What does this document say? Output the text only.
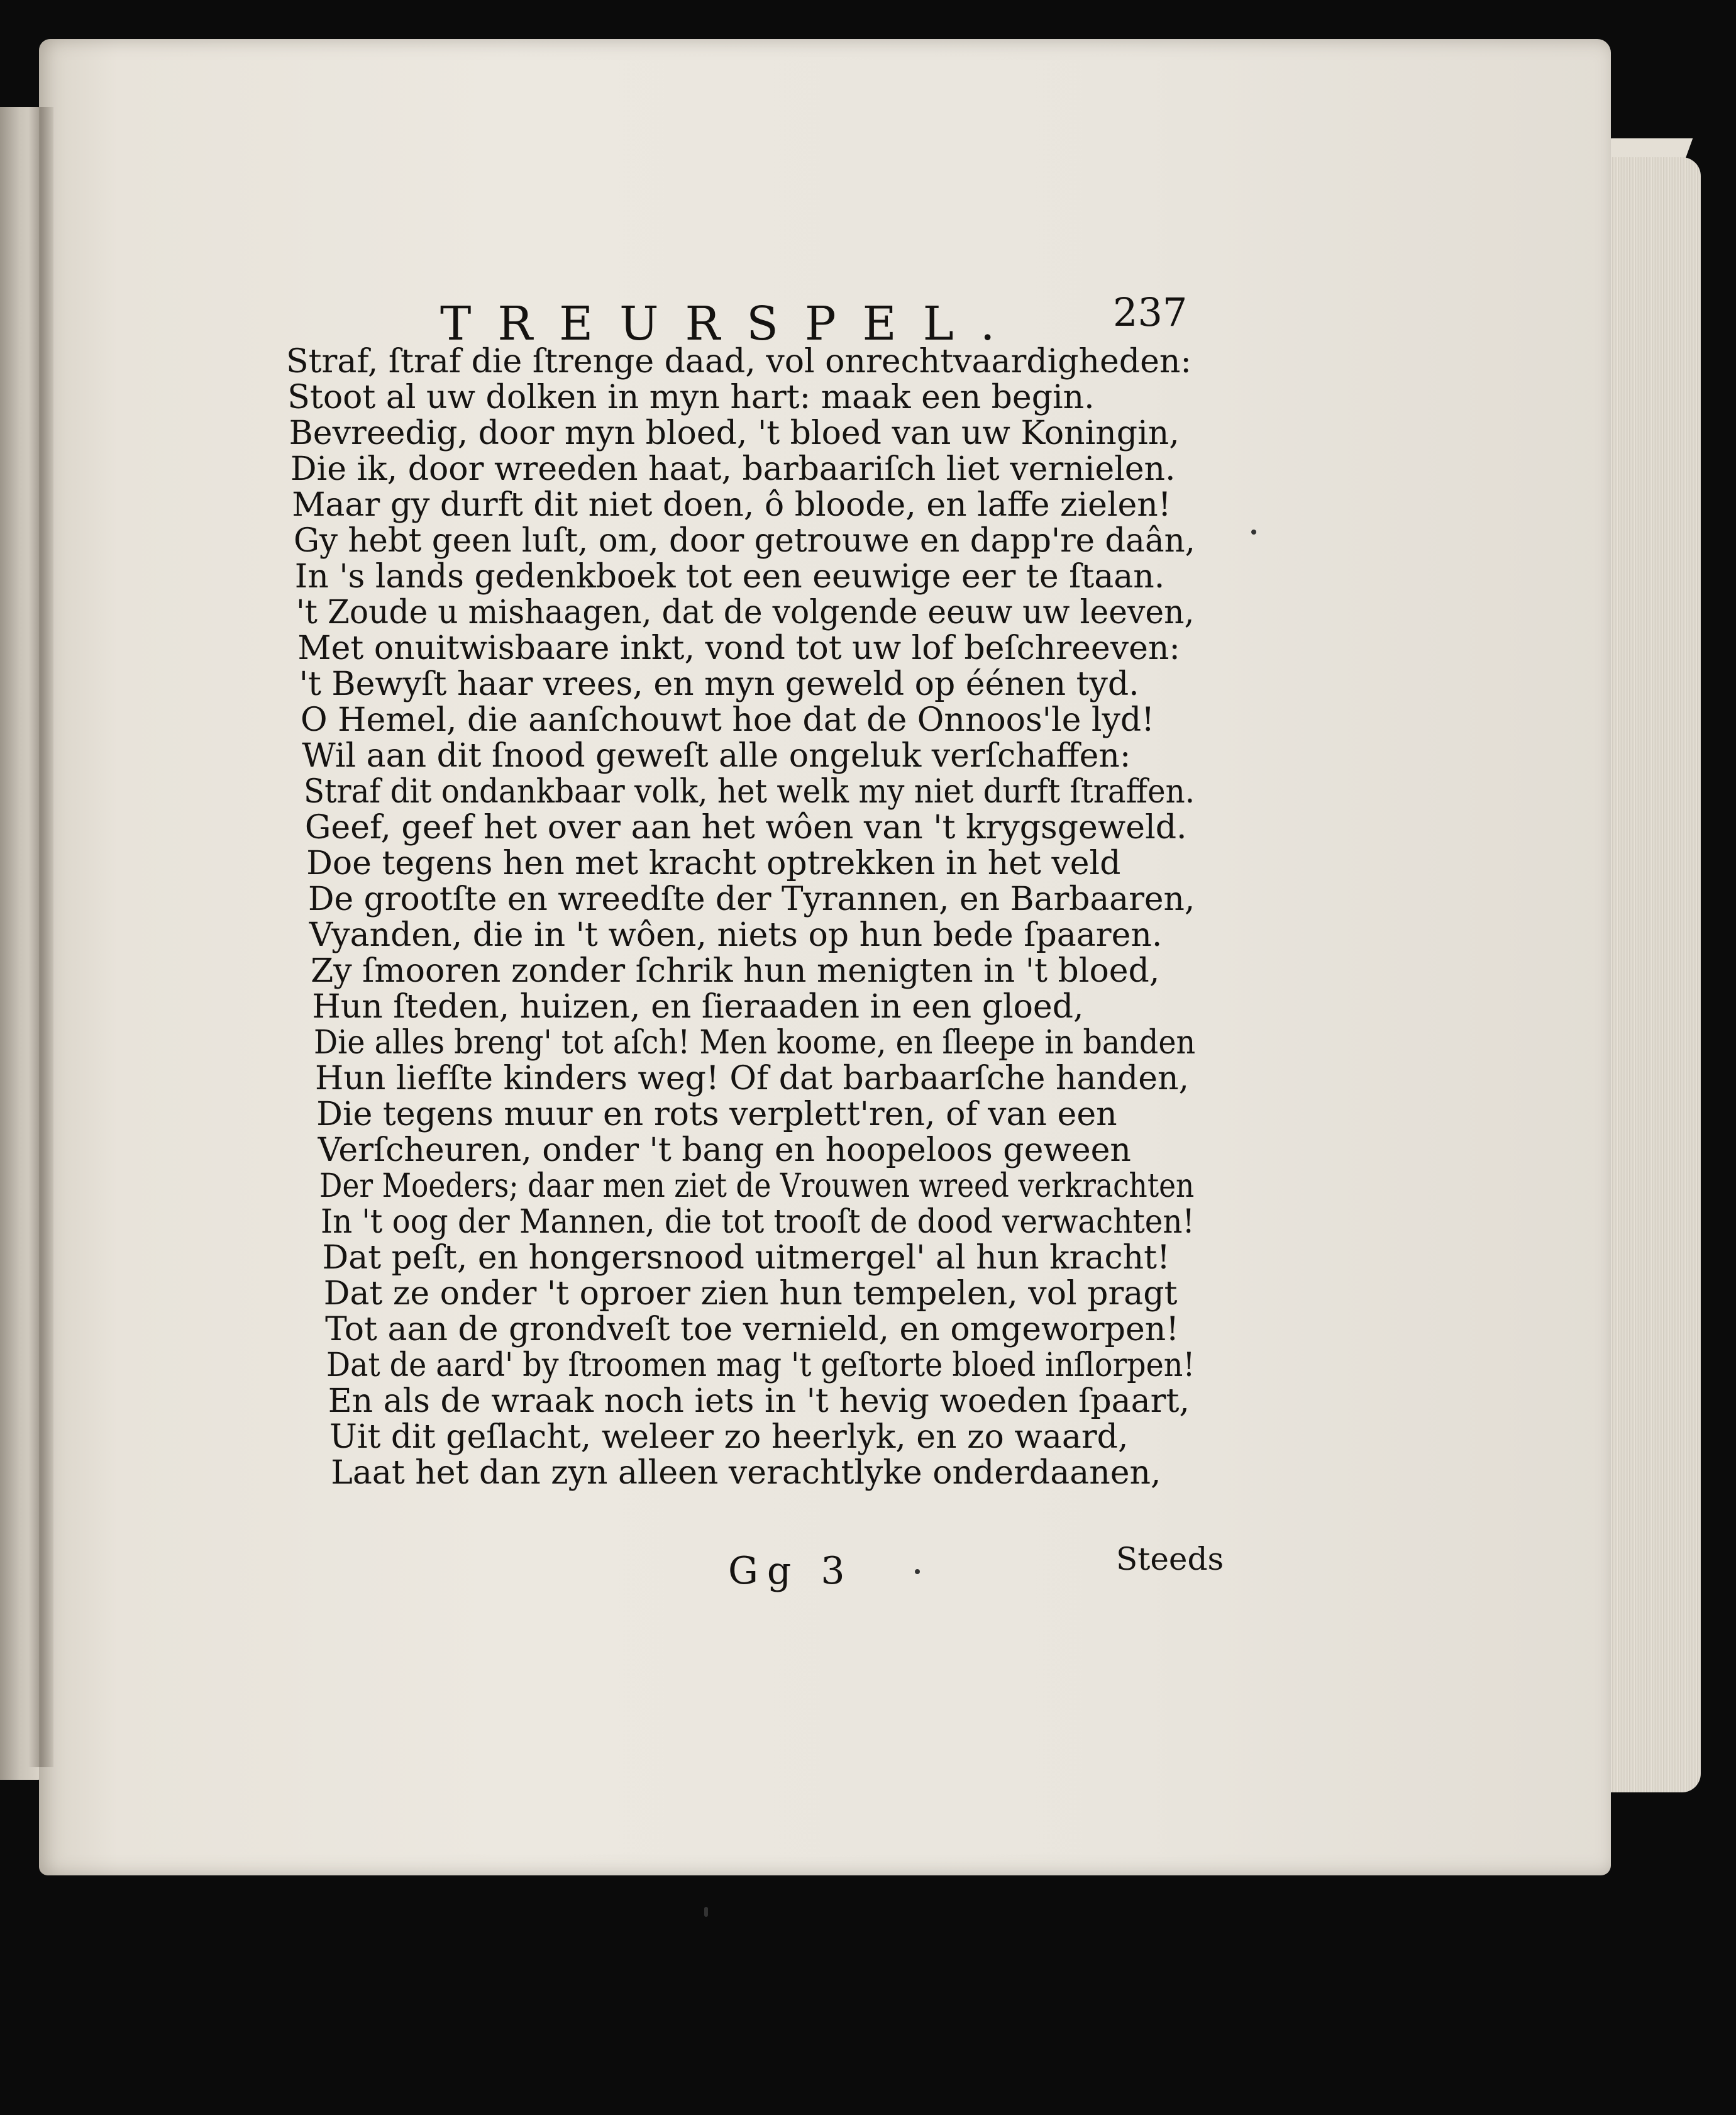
TREURSPEL. 237
Straf, ſtraf die ſtrenge daad, vol onrechtvaardigheden:
Stoot al uw dolken in myn hart: maak een begin.
Bevreedig, door myn bloed, 't bloed van uw Koningin,
Die ik, door wreeden haat, barbaariſch liet vernielen.
Maar gy durft dit niet doen, ô bloode, en laffe zielen!
Gy hebt geen luſt, om, door getrouwe en dapp're daân,
In 's lands gedenkboek tot een eeuwige eer te ſtaan.
't Zoude u mishaagen, dat de volgende eeuw uw leeven,
Met onuitwisbaare inkt, vond tot uw lof beſchreeven:
't Bewyſt haar vrees, en myn geweld op éénen tyd.
O Hemel, die aanſchouwt hoe dat de Onnoos'le lyd!
Wil aan dit ſnood geweſt alle ongeluk verſchaffen:
Straf dit ondankbaar volk, het welk my niet durft ſtraffen.
Geef, geef het over aan het wôen van 't krygsgeweld.
Doe tegens hen met kracht optrekken in het veld
De grootſte en wreedſte der Tyrannen, en Barbaaren,
Vyanden, die in 't wôen, niets op hun bede ſpaaren.
Zy ſmooren zonder ſchrik hun menigten in 't bloed,
Hun ſteden, huizen, en ſieraaden in een gloed,
Die alles breng' tot aſch! Men koome, en ſleepe in banden
Hun liefſte kinders weg! Of dat barbaarſche handen,
Die tegens muur en rots verplett'ren, of van een
Verſcheuren, onder 't bang en hoopeloos geween
Der Moeders; daar men ziet de Vrouwen wreed verkrachten
In 't oog der Mannen, die tot trooſt de dood verwachten!
Dat peſt, en hongersnood uitmergel' al hun kracht!
Dat ze onder 't oproer zien hun tempelen, vol pragt
Tot aan de grondveſt toe vernield, en omgeworpen!
Dat de aard' by ſtroomen mag 't geſtorte bloed inſlorpen!
En als de wraak noch iets in 't hevig woeden ſpaart,
Uit dit geſlacht, weleer zo heerlyk, en zo waard,
Laat het dan zyn alleen verachtlyke onderdaanen,
Gg 3	Steeds
